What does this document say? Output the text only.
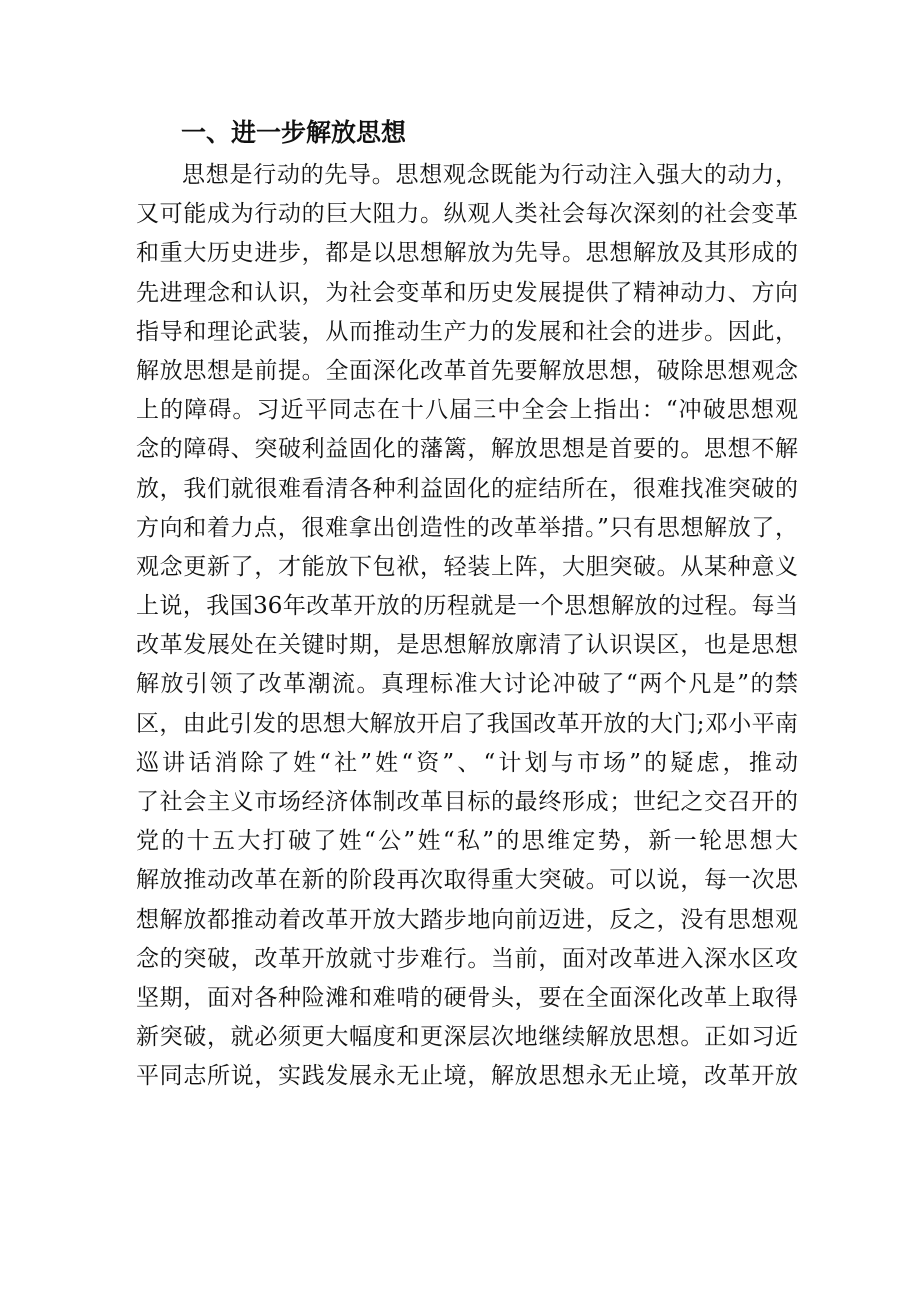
一、进一步解放思想
思想是行动的先导。思想观念既能为行动注入强大的动力，
又可能成为行动的巨大阻力。纵观人类社会每次深刻的社会变革
和重大历史进步，都是以思想解放为先导。思想解放及其形成的
先进理念和认识，为社会变革和历史发展提供了精神动力、方向
指导和理论武装，从而推动生产力的发展和社会的进步。因此，
解放思想是前提。全面深化改革首先要解放思想，破除思想观念
上的障碍。习近平同志在十八届三中全会上指出：“冲破思想观
念的障碍、突破利益固化的藩篱，解放思想是首要的。思想不解
放，我们就很难看清各种利益固化的症结所在，很难找准突破的
方向和着力点，很难拿出创造性的改革举措。”只有思想解放了，
观念更新了，才能放下包袱，轻装上阵，大胆突破。从某种意义
上说，我国36年改革开放的历程就是一个思想解放的过程。每当
改革发展处在关键时期，是思想解放廓清了认识误区，也是思想
解放引领了改革潮流。真理标准大讨论冲破了“两个凡是”的禁
区，由此引发的思想大解放开启了我国改革开放的大门;邓小平南
巡讲话消除了姓“社”姓“资”、“计划与市场”的疑虑，推动
了社会主义市场经济体制改革目标的最终形成；世纪之交召开的
党的十五大打破了姓“公”姓“私”的思维定势，新一轮思想大
解放推动改革在新的阶段再次取得重大突破。可以说，每一次思
想解放都推动着改革开放大踏步地向前迈进，反之，没有思想观
念的突破，改革开放就寸步难行。当前，面对改革进入深水区攻
坚期，面对各种险滩和难啃的硬骨头，要在全面深化改革上取得
新突破，就必须更大幅度和更深层次地继续解放思想。正如习近
平同志所说，实践发展永无止境，解放思想永无止境，改革开放
